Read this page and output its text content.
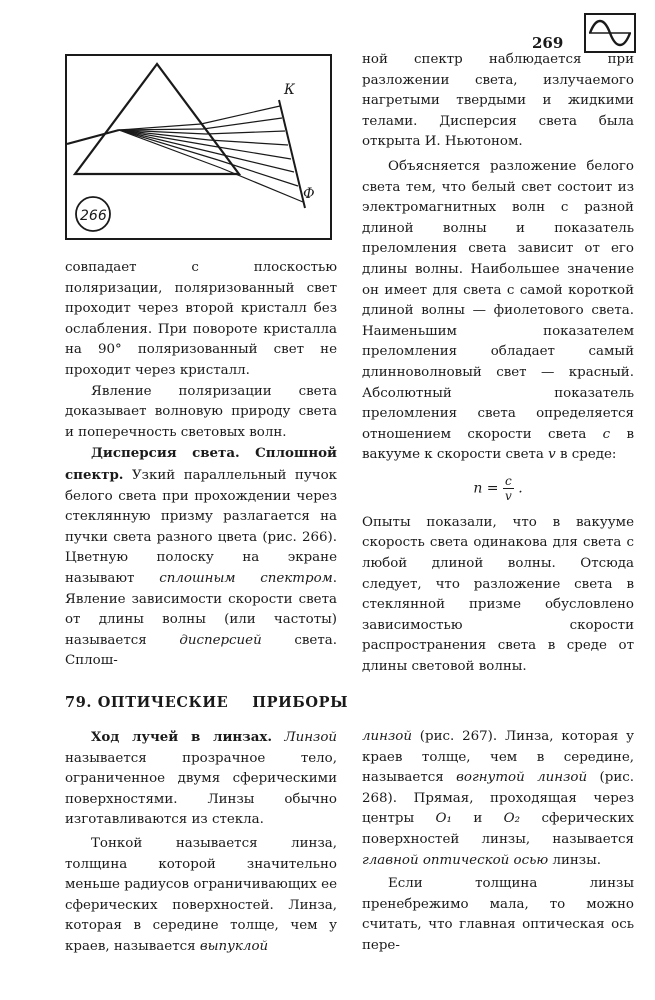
269
К
Ф
266

совпадает с плоскостью поляризации, поляризованный свет проходит через второй кристалл без ослабления. При повороте кристалла на 90° поляризованный свет не проходит через кристалл.

Явление поляризации света доказывает волновую природу света и поперечность световых волн.

Дисперсия света. Сплошной спектр. Узкий параллельный пучок белого света при прохождении через стеклянную призму разлагается на пучки света разного цвета (рис. 266). Цветную полоску на экране называют сплошным спектром. Явление зависимости скорости света от длины волны (или частоты) называется дисперсией света. Сплош-

ной спектр наблюдается при разложении света, излучаемого нагретыми твердыми и жидкими телами. Дисперсия света была открыта И. Ньютоном.

Объясняется разложение белого света тем, что белый свет состоит из электромагнитных волн с разной длиной волны и показатель преломления света зависит от его длины волны. Наибольшее значение он имеет для света с самой короткой длиной волны — фиолетового света. Наименьшим показателем преломления обладает самый длинноволновый свет — красный. Абсолютный показатель преломления света определяется отношением скорости света c в вакууме к скорости света v в среде:

$n = \frac{c}{v}$ .

Опыты показали, что в вакууме скорость света одинакова для света с любой длиной волны. Отсюда следует, что разложение света в стеклянной призме обусловлено зависимостью скорости распространения света в среде от длины световой волны.

79. ОПТИЧЕСКИЕ ПРИБОРЫ

Ход лучей в линзах. Линзой называется прозрачное тело, ограниченное двумя сферическими поверхностями. Линзы обычно изготавливаются из стекла.

Тонкой называется линза, толщина которой значительно меньше радиусов ограничивающих ее сферических поверхностей. Линза, которая в середине толще, чем у краев, называется выпуклой

линзой (рис. 267). Линза, которая у краев толще, чем в середине, называется вогнутой линзой (рис. 268). Прямая, проходящая через центры O₁ и O₂ сферических поверхностей линзы, называется главной оптической осью линзы.

Если толщина линзы пренебрежимо мала, то можно считать, что главная оптическая ось пере-
